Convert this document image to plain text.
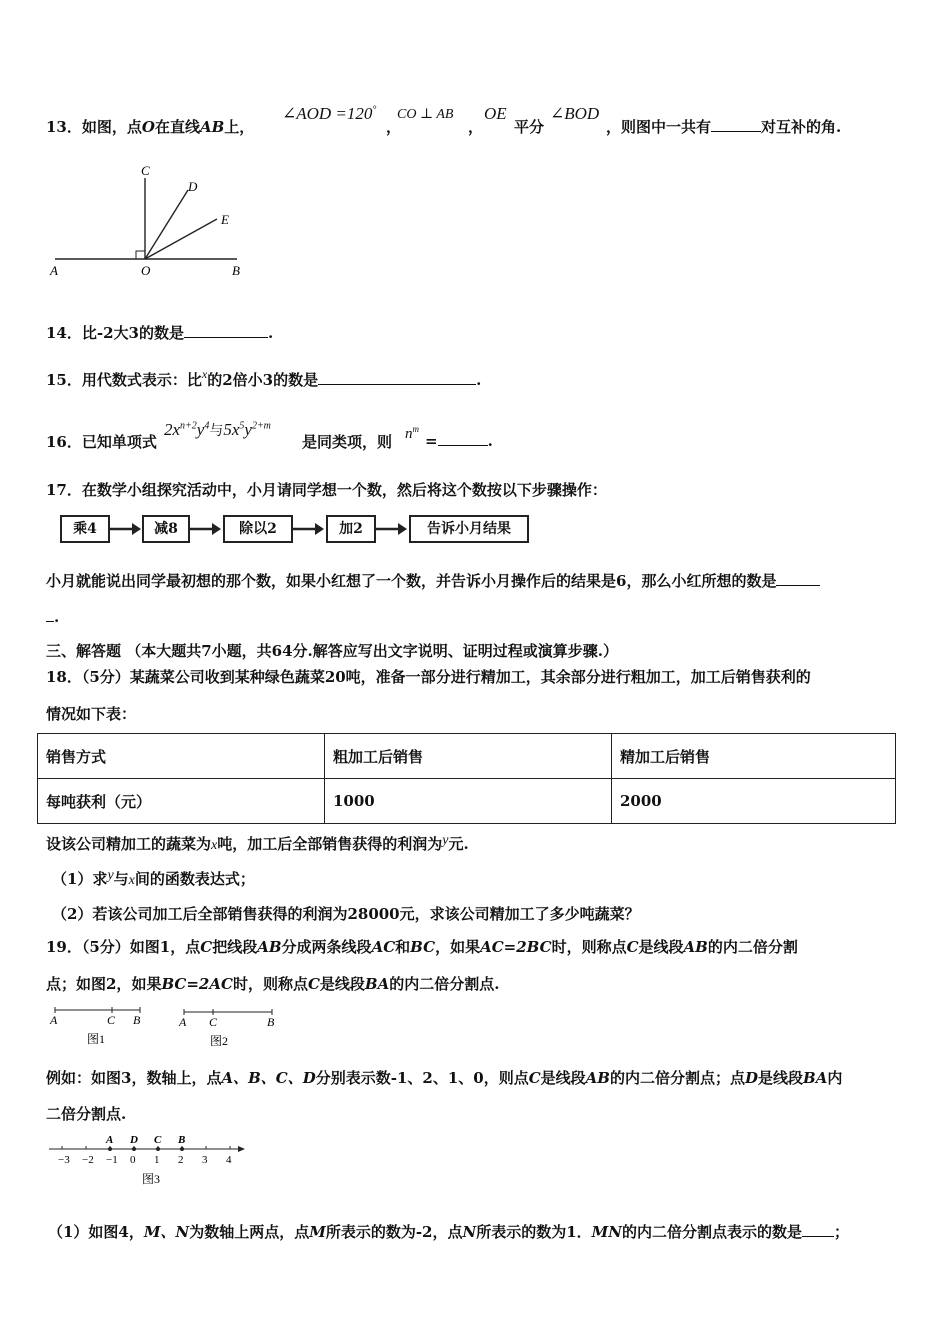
13．如图，点O在直线AB上，
∠AOD =120°
，
CO ⊥ AB
，
OE
平分
∠BOD
，则图中一共有	对互补的角.
C
D
E
A	O	B
14．比-2大3的数是	.
15．用代数式表示：比$^x$的2倍小3的数是	.
16．已知单项式
$2x^{n+2}y^4$与$5x^5y^{2+m}$
是同类项，则 $n^m$
=	.
17．在数学小组探究活动中，小月请同学想一个数，然后将这个数按以下步骤操作：
乘4	减8	除以2	加2	告诉小月结果
小月就能说出同学最初想的那个数，如果小红想了一个数，并告诉小月操作后的结果是6，那么小红所想的数是
.
三、解答题 （本大题共7小题，共64分.解答应写出文字说明、证明过程或演算步骤.）
18．（5分）某蔬菜公司收到某种绿色蔬菜20吨，准备一部分进行精加工，其余部分进行粗加工，加工后销售获利的
情况如下表：
销售方式	粗加工后销售	精加工后销售
每吨获利（元）	1000	2000
设该公司精加工的蔬菜为x吨，加工后全部销售获得的利润为y元.
（1）求y与x间的函数表达式；
（2）若该公司加工后全部销售获得的利润为28000元，求该公司精加工了多少吨蔬菜？
19．（5分）如图1，点C把线段AB分成两条线段AC和BC，如果AC=2BC时，则称点C是线段AB的内二倍分割
点；如图2，如果BC=2AC时，则称点C是线段BA的内二倍分割点.
A	C B
图1
A C	B
图2
例如：如图3，数轴上，点A、B、C、D分别表示数-1、2、1、0，则点C是线段AB的内二倍分割点；点D是线段BA内
二倍分割点.
−3 −2 −1 0 1 2 3 4
A D C B
图3
（1）如图4，M、N为数轴上两点，点M所表示的数为-2，点N所表示的数为1．MN的内二倍分割点表示的数是 ；
